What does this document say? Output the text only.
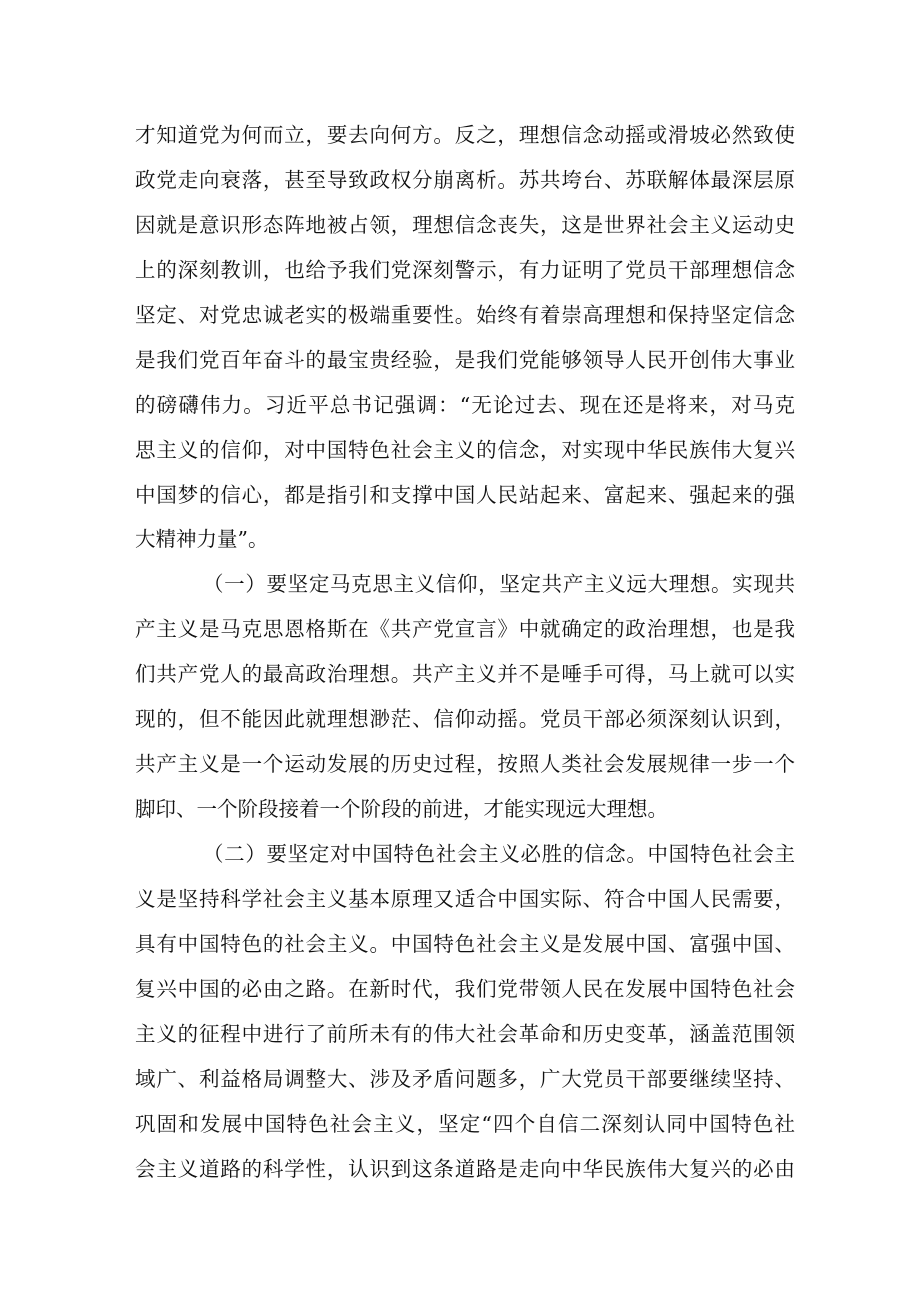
才知道党为何而立，要去向何方。反之，理想信念动摇或滑坡必然致使
政党走向衰落，甚至导致政权分崩离析。苏共垮台、苏联解体最深层原
因就是意识形态阵地被占领，理想信念丧失，这是世界社会主义运动史
上的深刻教训，也给予我们党深刻警示，有力证明了党员干部理想信念
坚定、对党忠诚老实的极端重要性。始终有着崇高理想和保持坚定信念
是我们党百年奋斗的最宝贵经验，是我们党能够领导人民开创伟大事业
的磅礴伟力。习近平总书记强调：“无论过去、现在还是将来，对马克
思主义的信仰，对中国特色社会主义的信念，对实现中华民族伟大复兴
中国梦的信心，都是指引和支撑中国人民站起来、富起来、强起来的强
大精神力量”。
（一）要坚定马克思主义信仰，坚定共产主义远大理想。实现共
产主义是马克思恩格斯在《共产党宣言》中就确定的政治理想，也是我
们共产党人的最高政治理想。共产主义并不是唾手可得，马上就可以实
现的，但不能因此就理想渺茫、信仰动摇。党员干部必须深刻认识到，
共产主义是一个运动发展的历史过程，按照人类社会发展规律一步一个
脚印、一个阶段接着一个阶段的前进，才能实现远大理想。
（二）要坚定对中国特色社会主义必胜的信念。中国特色社会主
义是坚持科学社会主义基本原理又适合中国实际、符合中国人民需要，
具有中国特色的社会主义。中国特色社会主义是发展中国、富强中国、
复兴中国的必由之路。在新时代，我们党带领人民在发展中国特色社会
主义的征程中进行了前所未有的伟大社会革命和历史变革，涵盖范围领
域广、利益格局调整大、涉及矛盾问题多，广大党员干部要继续坚持、
巩固和发展中国特色社会主义，坚定“四个自信二深刻认同中国特色社
会主义道路的科学性，认识到这条道路是走向中华民族伟大复兴的必由
